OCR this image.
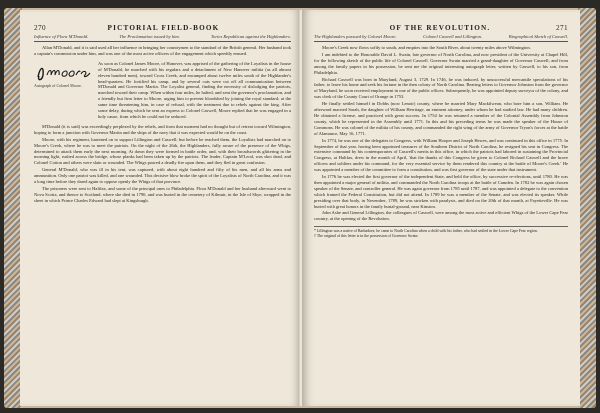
270	PICTORIAL FIELD-BOOK
Influence of Flora M'Donald.	The Proclamation issued by him.	Tories Republican against the Highlanders.

Allan M'Donald, and it is said used all her influence in bringing her countrymen to the standard of the British general. Her husband took a captain's commission under him, and was one of the most active officers of the engagement which speedily ensued.

Autograph of Colonel Moore.

As soon as Colonel James Moore, of Hanover, was apprised of the gathering of the Loyalists in the house of M'Donald, he marched with his regulars and a detachment of New Hanover militia (as all almost eleven hundred men), toward Cross Creek, and encamped about twelve miles south of the Highlander's head-quarters. He fortified his camp, and by several cuts were cut off all communication between M'Donald and Governor Martin. The Loyalist general, finding the necessity of dislodging the patriots, marched toward their camp. When within four miles, he halted, and sent the governor's proclamation, and a friendly but firm letter to Moore, urging him to prevent bloodshed by joining the royal standard; at the same time threatening him, in case of refusal, with the treatment due to rebels against the king. After some delay, during which he sent an express to Colonel Caswell, Moore replied that he was engaged in a holy cause, from which he could not be seduced.

M'Donald (it is said) was exceedingly perplexed by the rebels, and from that moment had no thought but of retreat toward Wilmington, hoping to form a junction with Governor Martin and the ships of the navy that it was expected would be on the coast.

Moore, with his regiment, hastened on to support Lillington and Caswell; but before he reached them, the Loyalists had marched on to Moore's Creek, where he was to meet the patriots. On the night of the 26th, the Highlanders, fully aware of the presence of the Whigs, determined to attack them early the next morning. At dawn they were formed in battle order, and, with their broadswords glittering in the morning light, rushed across the bridge, whose planks had been taken up by the patriots. The leader, Captain M'Leod, was shot dead, and Colonel Cotton and others were slain or wounded. The Whigs poured a deadly fire upon them, and they fled in great confusion.

General M'Donald, who was ill in his tent, was captured, with about eight hundred and fifty of his men, and all his arms and ammunition. Only one patriot was killed, and one wounded. This decisive blow broke the spirit of the Loyalists of North Carolina, and it was a long time before they dared again to oppose openly the Whigs of that province.

The prisoners were sent to Halifax, and some of the principal ones to Philadelphia. Flora M'Donald and her husband afterward went to Nova Scotia, and thence to Scotland, where she died in 1790, and was buried in the cemetery of Kilmuir, in the Isle of Skye, wrapped in the sheet in which Prince Charles Edward had slept at Kingsburgh.

OF THE REVOLUTION.	271
The Highlanders pursued by Colonel Moore.	Colonel Caswell and Lillington.	Biographical Sketch of Caswell.

Moore's Creek now flows softly to south, and empties into the South River, about twenty miles above Wilmington.

I am indebted to the Honorable David L. Swain, late governor of North Carolina, and now president of the University at Chapel Hill, for the following sketch of the public life of Colonel Caswell. Governor Swain married a grand-daughter of Governor Caswell; and from among the family papers in his possession, he sent me the original interesting autograph letter, written by Caswell, to his son, from Philadelphia.

Richard Caswell was born in Maryland, August 3, 1729. In 1746, he was induced, by unsuccessful mercantile speculations of his father, to leave his home and seek his fortune in the then colony of North Carolina. Bearing letters to Governor Johnston from the governor of Maryland, he soon received employment in one of the public offices. Subsequently, he was appointed deputy surveyor of the colony, and was clerk of the County Court of Orange in 1753.

He finally settled himself in Dobbs (now Lenoir) county, where he married Mary Mackilwean, who bore him a son, William. He afterward married Sarah, the daughter of William Herritage, an eminent attorney, under whom he had studied law. He had many children. He obtained a license, and practiced with great success. In 1754 he was returned a member of the Colonial Assembly from Johnston county, which he represented in the Assembly until 1771. In this and his preceding terms he was made the speaker of the House of Commons. He was colonel of the militia of his county, and commanded the right wing of the army of Governor Tryon's forces at the battle of Alamance, May 16, 1771.

In 1774, he was one of the delegates to Congress, with William Hooper and Joseph Hewes, and was continued in this office in 1775. In September of that year, having been appointed treasurer of the Southern District of North Carolina, he resigned his seat in Congress. The extensive command by his contemporaries of Caswell's merits in this office, in which the patriots had labored in sustaining the Provincial Congress, at Halifax, drew in the month of April, 'that the thanks of this Congress be given to Colonel Richard Caswell and the brave officers and soldiers under his command, for the very essential service by them rendered this country at the battle of Moore's Creek.' He was appointed a member of the committee to form a constitution, and was first governor of the state under that instrument.

In 1776 he was elected the first governor of the independent State, and held the office, by successive re-elections, until 1780. He was then appointed a major general of militia, and commanded the North Carolina troops at the battle of Camden. In 1782 he was again chosen speaker of the Senate, and controller general. He was again governor from 1785 until 1787, and was appointed a delegate to the convention which framed the Federal Constitution, but did not attend. In 1789 he was a member of the Senate, and was elected its speaker. While presiding over that body, in November, 1789, he was stricken with paralysis, and died on the 20th of that month, at Fayetteville. He was buried with great honors in the family burial-ground, near Kinston.

John Ashe and General Lillington, the colleagues of Caswell, were among the most active and efficient Whigs of the Lower Cape Fear country, at the opening of the Revolution.

* Lillington was a native of Barbadoes; he came to North Carolina when a child with his father, who had settled in the Lower Cape Fear region.
† The original of this letter is in the possession of Governor Swain.
